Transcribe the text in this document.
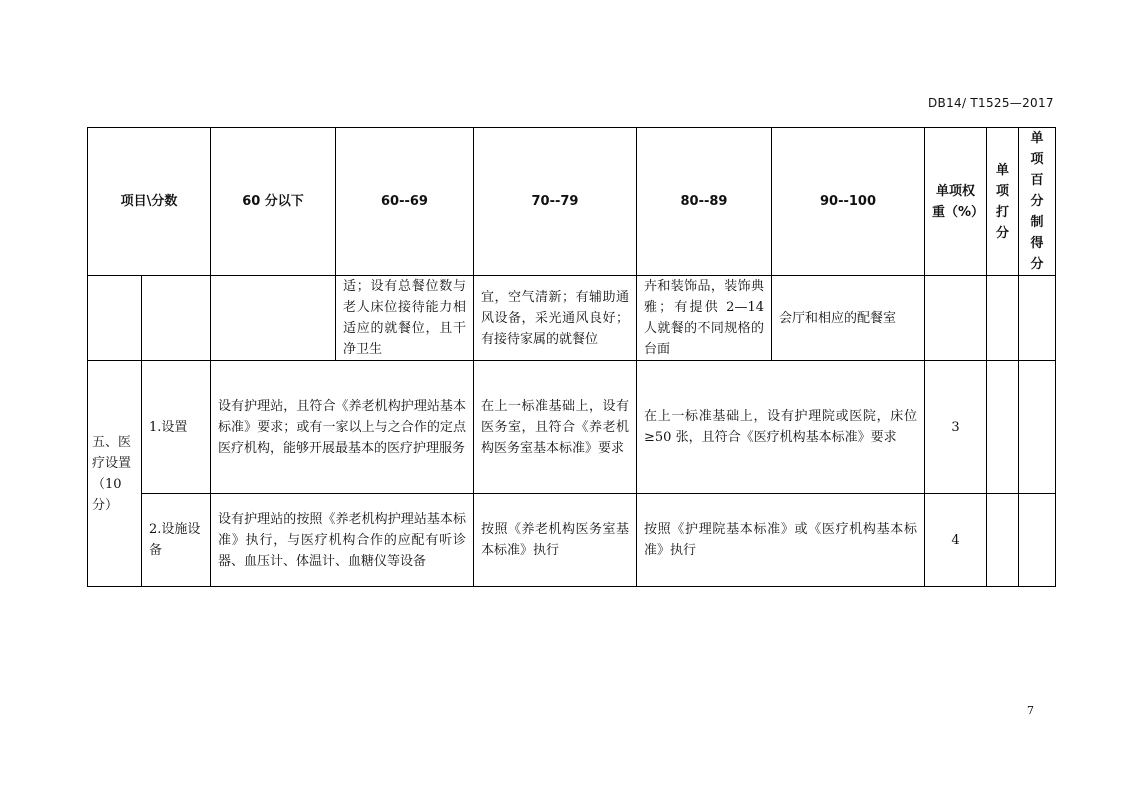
DB14/ T1525—2017
项目\分数		60 分以下	60--69	70--79	80--89	90--100	单项权重（%）	单项打分	单项百分制得分

			适；设有总餐位数与老人床位接待能力相适应的就餐位，且干净卫生	宜，空气清新；有辅助通风设备，采光通风良好；有接待家属的就餐位	卉和装饰品，装饰典雅；有提供 2—14 人就餐的不同规格的台面	会厅和相应的配餐室			
五、医疗设置（10分）	1.设置	设有护理站，且符合《养老机构护理站基本标准》要求；或有一家以上与之合作的定点医疗机构，能够开展最基本的医疗护理服务		在上一标准基础上，设有医务室，且符合《养老机构医务室基本标准》要求	在上一标准基础上，设有护理院或医院，床位≥50 张，且符合《医疗机构基本标准》要求		3		
	2.设施设备	设有护理站的按照《养老机构护理站基本标准》执行，与医疗机构合作的应配有听诊器、血压计、体温计、血糖仪等设备		按照《养老机构医务室基本标准》执行	按照《护理院基本标准》或《医疗机构基本标准》执行		4		
7
